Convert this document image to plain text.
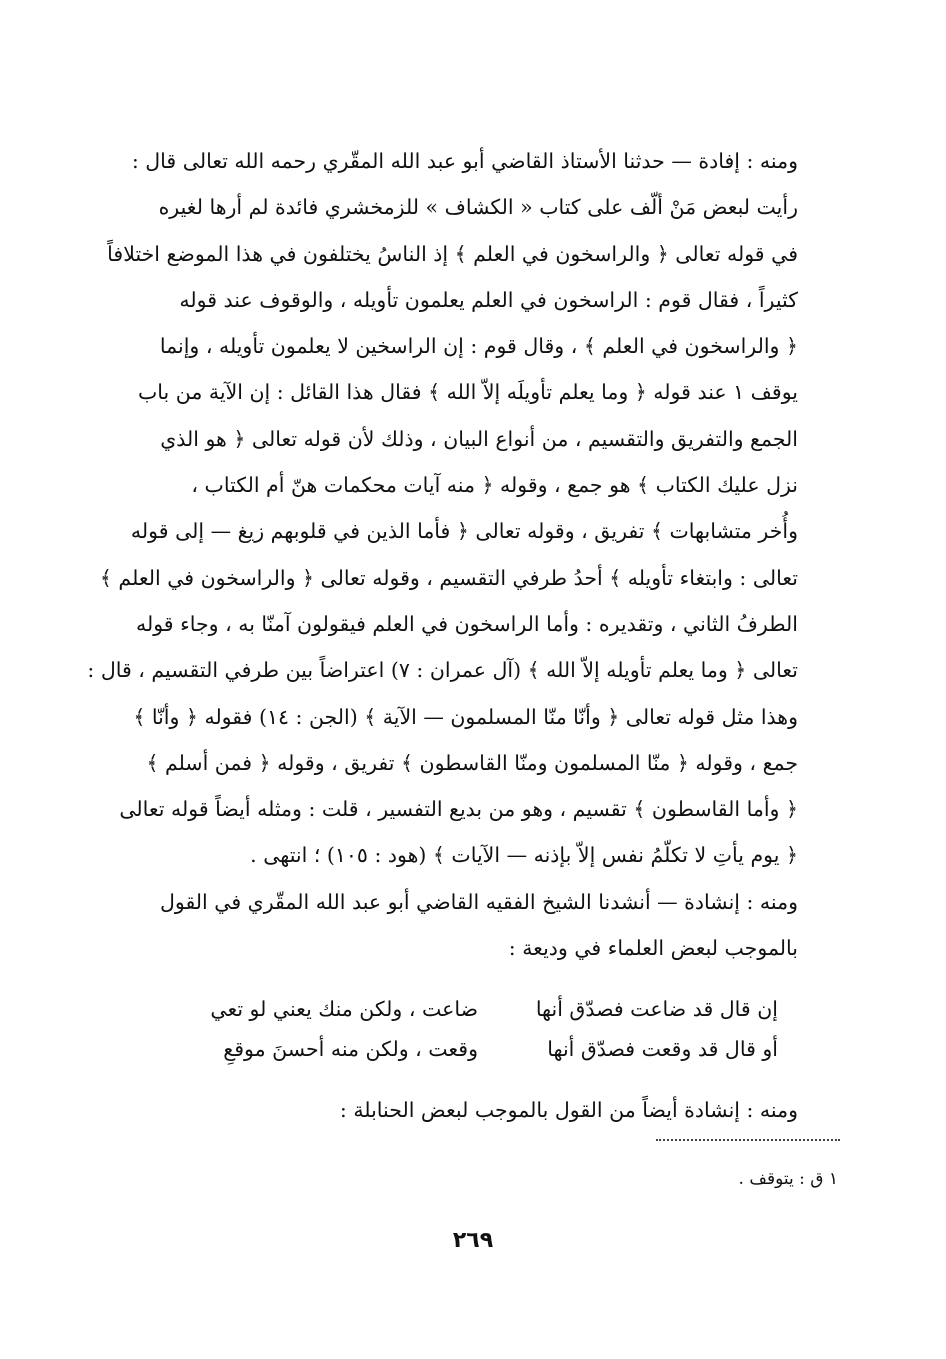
ومنه : إفادة — حدثنا الأستاذ القاضي أبو عبد الله المقّري رحمه الله تعالى قال :
رأيت لبعض مَنْ ألّف على كتاب « الكشاف » للزمخشري فائدة لم أرها لغيره
في قوله تعالى ﴿ والراسخون في العلم ﴾ إذ الناسُ يختلفون في هذا الموضع اختلافاً
كثيراً ، فقال قوم : الراسخون في العلم يعلمون تأويله ، والوقوف عند قوله
﴿ والراسخون في العلم ﴾ ، وقال قوم : إن الراسخين لا يعلمون تأويله ، وإنما
يوقف ١ عند قوله ﴿ وما يعلم تأويلَه إلاّ الله ﴾ فقال هذا القائل : إن الآية من باب
الجمع والتفريق والتقسيم ، من أنواع البيان ، وذلك لأن قوله تعالى ﴿ هو الذي
نزل عليك الكتاب ﴾ هو جمع ، وقوله ﴿ منه آيات محكمات هنّ أم الكتاب ،
وأُخر متشابهات ﴾ تفريق ، وقوله تعالى ﴿ فأما الذين في قلوبهم زيغ — إلى قوله
تعالى : وابتغاء تأويله ﴾ أحدُ طرفي التقسيم ، وقوله تعالى ﴿ والراسخون في العلم ﴾
الطرفُ الثاني ، وتقديره : وأما الراسخون في العلم فيقولون آمنّا به ، وجاء قوله
تعالى ﴿ وما يعلم تأويله إلاّ الله ﴾ (آل عمران : ٧) اعتراضاً بين طرفي التقسيم ، قال :
وهذا مثل قوله تعالى ﴿ وأنّا منّا المسلمون — الآية ﴾ (الجن : ١٤) فقوله ﴿ وأنّا ﴾
جمع ، وقوله ﴿ منّا المسلمون ومنّا القاسطون ﴾ تفريق ، وقوله ﴿ فمن أسلم ﴾
﴿ وأما القاسطون ﴾ تقسيم ، وهو من بديع التفسير ، قلت : ومثله أيضاً قوله تعالى
﴿ يوم يأتِ لا تكلّمُ نفس إلاّ بإذنه — الآيات ﴾ (هود : ١٠٥) ؛ انتهى .
ومنه : إنشادة — أنشدنا الشيخ الفقيه القاضي أبو عبد الله المقّري في القول
بالموجب لبعض العلماء في وديعة :
إن قال قد ضاعت فصدّق أنها
ضاعت ، ولكن منك يعني لو تعي
أو قال قد وقعت فصدّق أنها
وقعت ، ولكن منه أحسنَ موقعِ
ومنه : إنشادة أيضاً من القول بالموجب لبعض الحنابلة :
١ ق : يتوقف .
٢٦٩
